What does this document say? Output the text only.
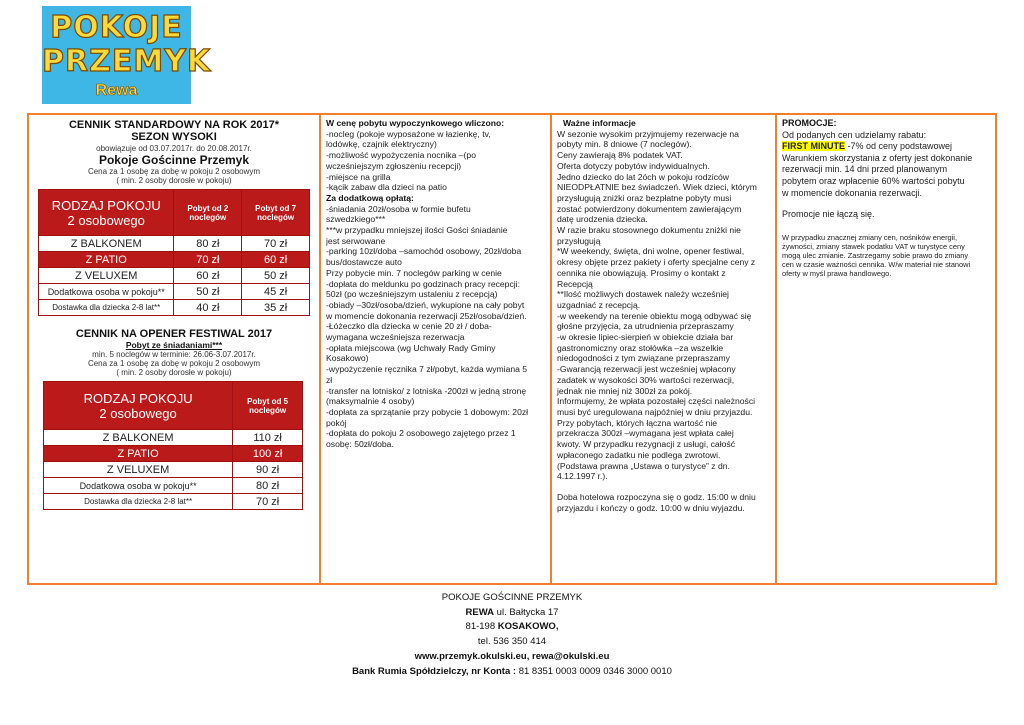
POKOJE
PRZEMYK
Rewa
CENNIK STANDARDOWY NA ROK 2017*
SEZON WYSOKI
obowiązuje od 03.07.2017r. do 20.08.2017r.
Pokoje Gościnne Przemyk
Cena za 1 osobę za dobę w pokoju 2 osobowym
( min. 2 osoby dorosłe w pokoju)
RODZAJ POKOJU
2 osobowego	Pobyt od 2 noclegów	Pobyt od 7 noclegów
Z BALKONEM	80 zł	70 zł
Z PATIO	70 zł	60 zł
Z VELUXEM	60 zł	50 zł
Dodatkowa osoba w pokoju**	50 zł	45 zł
Dostawka dla dziecka 2-8 lat**	40 zł	35 zł
CENNIK NA OPENER FESTIWAL 2017
Pobyt ze śniadaniami***
min. 5 noclegów w terminie: 26.06-3.07.2017r.
Cena za 1 osobę za dobę w pokoju 2 osobowym
( min. 2 osoby dorosłe w pokoju)
RODZAJ POKOJU
2 osobowego	Pobyt od 5 noclegów
Z BALKONEM	110 zł
Z PATIO	100 zł
Z VELUXEM	90 zł
Dodatkowa osoba w pokoju**	80 zł
Dostawka dla dziecka 2-8 lat**	70 zł
W cenę pobytu wypoczynkowego wliczono:
-nocleg (pokoje wyposażone w łazienkę, tv,
lodówkę, czajnik elektryczny)
-możliwość wypożyczenia nocnika –(po
wcześniejszym zgłoszeniu recepcji)
-miejsce na grilla
-kącik zabaw dla dzieci na patio
Za dodatkową opłatą:
-śniadania 20zł/osoba w formie bufetu
szwedzkiego***
***w przypadku mniejszej ilości Gości śniadanie
jest serwowane
-parking 10zł/doba –samochód osobowy, 20zł/doba
bus/dostawcze auto
Przy pobycie min. 7 noclegów parking w cenie
-dopłata do meldunku po godzinach pracy recepcji:
50zł (po wcześniejszym ustaleniu z recepcją)
-obiady –30zł/osoba/dzień, wykupione na cały pobyt
w momencie dokonania rezerwacji 25zł/osoba/dzień.
-Łóżeczko dla dziecka w cenie 20 zł / doba-
wymagana wcześniejsza rezerwacja
-opłata miejscowa (wg Uchwały Rady Gminy
Kosakowo)
-wypożyczenie ręcznika 7 zł/pobyt, każda wymiana 5
zł
-transfer na lotnisko/ z lotniska -200zł w jedną stronę
(maksymalnie 4 osoby)
-dopłata za sprzątanie przy pobycie 1 dobowym: 20zł
pokój
-dopłata do pokoju 2 osobowego zajętego przez 1
osobę: 50zł/doba.
Ważne informacje
W sezonie wysokim przyjmujemy rezerwacje na
pobyty min. 8 dniowe (7 noclegów).
Ceny zawierają 8% podatek VAT.
Oferta dotyczy pobytów indywidualnych.
Jedno dziecko do lat 2óch w pokoju rodziców
NIEODPŁATNIE bez świadczeń. Wiek dzieci, którym
przysługują zniżki oraz bezpłatne pobyty musi
zostać potwierdzony dokumentem zawierającym
datę urodzenia dziecka.
W razie braku stosownego dokumentu zniżki nie
przysługują
*W weekendy, święta, dni wolne, opener festiwal,
okresy objęte przez pakiety i oferty specjalne ceny z
cennika nie obowiązują. Prosimy o kontakt z
Recepcją
**Ilość możliwych dostawek należy wcześniej
uzgadniać z recepcją.
-w weekendy na terenie obiektu mogą odbywać się
głośne przyjęcia, za utrudnienia przepraszamy
-w okresie lipiec-sierpień w obiekcie działa bar
gastronomiczny oraz stołówka –za wszelkie
niedogodności z tym związane przepraszamy
-Gwarancją rezerwacji jest wcześniej wpłacony
zadatek w wysokości 30% wartości rezerwacji,
jednak nie mniej niż 300zł za pokój.
Informujemy, że wpłata pozostałej części należności
musi być uregulowana najpóźniej w dniu przyjazdu.
Przy pobytach, których łączna wartość nie
przekracza 300zł –wymagana jest wpłata całej
kwoty. W przypadku rezygnacji z usługi, całość
wpłaconego zadatku nie podlega zwrotowi.
(Podstawa prawna „Ustawa o turystyce” z dn.
4.12.1997 r.).
Doba hotelowa rozpoczyna się o godz. 15:00 w dniu
przyjazdu i kończy o godz. 10:00 w dniu wyjazdu.
PROMOCJE:
Od podanych cen udzielamy rabatu:
FIRST MINUTE -7% od ceny podstawowej
Warunkiem skorzystania z oferty jest dokonanie
rezerwacji min. 14 dni przed planowanym
pobytem oraz wpłacenie 60% wartości pobytu
w momencie dokonania rezerwacji.
Promocje nie łączą się.
W przypadku znacznej zmiany cen, nośników energii,
żywności, zmiany stawek podatku VAT w turystyce ceny
mogą ulec zmianie. Zastrzegamy sobie prawo do zmiany
cen w czasie ważności cennika. W/w materiał nie stanowi
oferty w myśl prawa handlowego.
POKOJE GOŚCINNE PRZEMYK
REWA ul. Bałtycka 17
81-198 KOSAKOWO,
tel. 536 350 414
www.przemyk.okulski.eu, rewa@okulski.eu
Bank Rumia Spółdzielczy, nr Konta : 81 8351 0003 0009 0346 3000 0010
